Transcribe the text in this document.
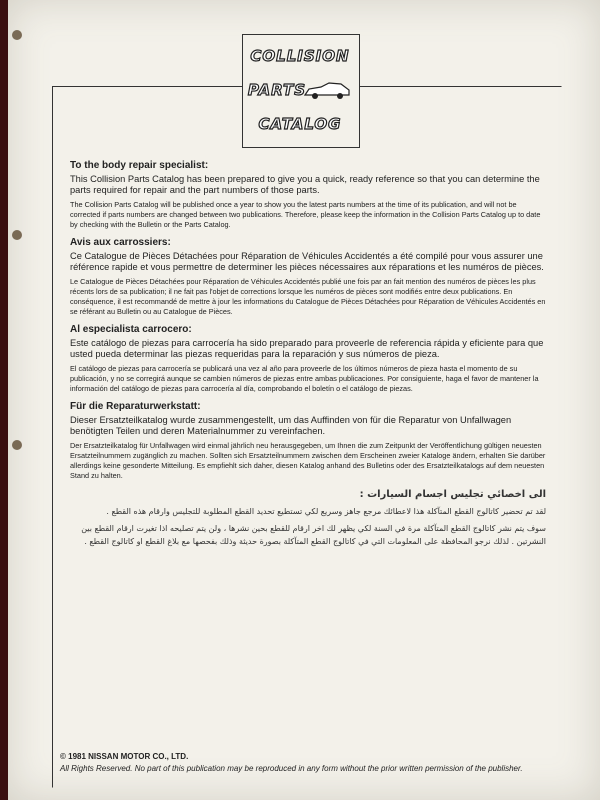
COLLISION
PARTS
CATALOG

To the body repair specialist:

This Collision Parts Catalog has been prepared to give you a quick, ready reference so that you can determine the parts required for repair and the part numbers of those parts.

The Collision Parts Catalog will be published once a year to show you the latest parts numbers at the time of its publication, and will not be corrected if parts numbers are changed between two publications. Therefore, please keep the information in the Collision Parts Catalog up to date by checking with the Bulletin or the Parts Catalog.

Avis aux carrossiers:

Ce Catalogue de Pièces Détachées pour Réparation de Véhicules Accidentés a été compilé pour vous assurer une référence rapide et vous permettre de determiner les pièces nécessaires aux réparations et les numéros de pièces.

Le Catalogue de Pièces Détachées pour Réparation de Véhicules Accidentés publié une fois par an fait mention des numéros de pièces les plus récents lors de sa publication; il ne fait pas l'objet de corrections lorsque les numéros de pièces sont modifiés entre deux publications. En conséquence, il est recommandé de mettre à jour les informations du Catalogue de Pièces Détachées pour Réparation de Véhicules Accidentés en se référant au Bulletin ou au Catalogue de Pièces.

Al especialista carrocero:

Este catálogo de piezas para carrocería ha sido preparado para proveerle de referencia rápida y eficiente para que usted pueda determinar las piezas requeridas para la reparación y sus números de pieza.

El catálogo de piezas para carrocería se publicará una vez al año para proveerle de los últimos números de pieza hasta el momento de su publicación, y no se corregirá aunque se cambien números de piezas entre ambas publicaciones. Por consiguiente, haga el favor de mantener la información del catálogo de piezas para carrocería al día, comprobando el boletín o el catálogo de piezas.

Für die Reparaturwerkstatt:

Dieser Ersatzteilkatalog wurde zusammengestellt, um das Auffinden von für die Reparatur von Unfallwagen benötigten Teilen und deren Materialnummer zu vereinfachen.

Der Ersatzteilkatalog für Unfallwagen wird einmal jährlich neu herausgegeben, um Ihnen die zum Zeitpunkt der Veröffentlichung gültigen neuesten Ersatzteilnummern zugänglich zu machen. Sollten sich Ersatzteilnummern zwischen dem Erscheinen zweier Kataloge ändern, erhalten Sie darüber allerdings keine gesonderte Mitteilung. Es empfiehlt sich daher, diesen Katalog anhand des Bulletins oder des Ersatzteilkatalogs auf dem neuesten Stand zu halten.

الى اخصائي تجليس اجسام السيارات :

لقد تم تحضير كاتالوج القطع المتآكلة هذا لاعطائك مرجع جاهز وسريع لكي تستطيع تحديد القطع المطلوبة للتجليس وارقام هذه القطع .

سوف يتم نشر كاتالوج القطع المتآكلة مرة في السنة لكي يظهر لك اخر ارقام للقطع بحين نشرها ، ولن يتم تصليحه اذا تغيرت ارقام القطع بين النشرتين . لذلك نرجو المحافظة على المعلومات التي في كاتالوج القطع المتآكلة بصورة حديثة وذلك بفحصها مع بلاغ القطع او كاتالوج القطع .

© 1981 NISSAN MOTOR CO., LTD.
All Rights Reserved. No part of this publication may be reproduced in any form without the prior written permission of the publisher.
